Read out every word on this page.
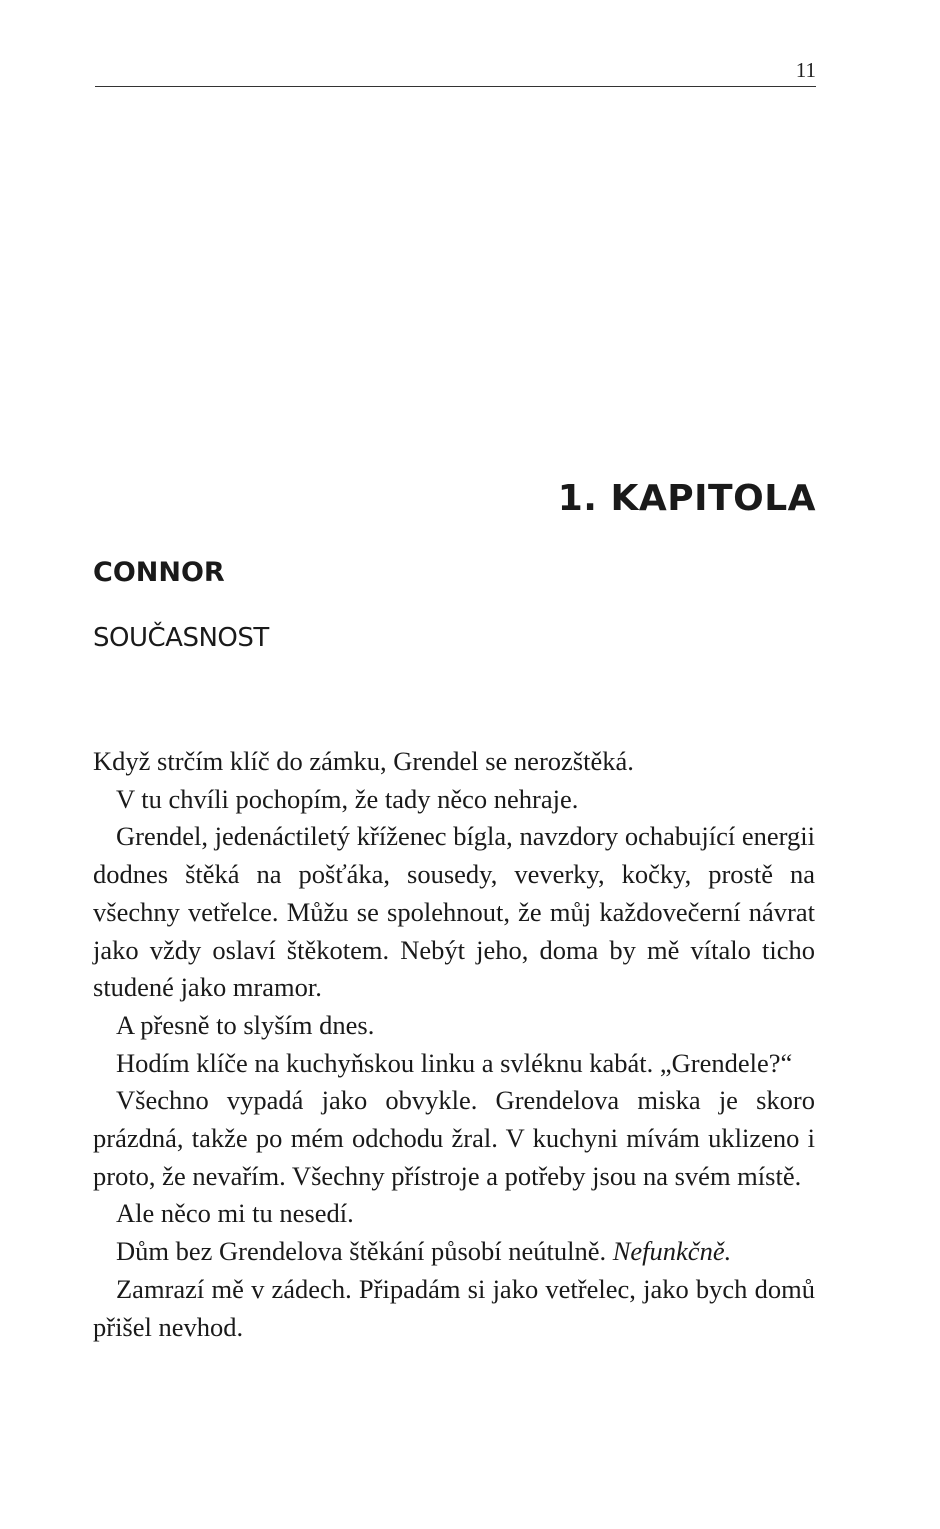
11
1. KAPITOLA
CONNOR
SOUČASNOST

Když strčím klíč do zámku, Grendel se nerozštěká.

V tu chvíli pochopím, že tady něco nehraje.

Grendel, jedenáctiletý kříženec bígla, navzdory ochabující energii dodnes štěká na pošťáka, sousedy, veverky, kočky, prostě na všechny vetřelce. Můžu se spolehnout, že můj každovečerní návrat jako vždy oslaví štěkotem. Nebýt jeho, doma by mě vítalo ticho studené jako mramor.

A přesně to slyším dnes.

Hodím klíče na kuchyňskou linku a svléknu kabát. „Grendele?“

Všechno vypadá jako obvykle. Grendelova miska je skoro prázdná, takže po mém odchodu žral. V kuchyni mívám uklizeno i proto, že nevařím. Všechny přístroje a potřeby jsou na svém místě.

Ale něco mi tu nesedí.

Dům bez Grendelova štěkání působí neútulně. Nefunkčně.

Zamrazí mě v zádech. Připadám si jako vetřelec, jako bych domů přišel nevhod.
